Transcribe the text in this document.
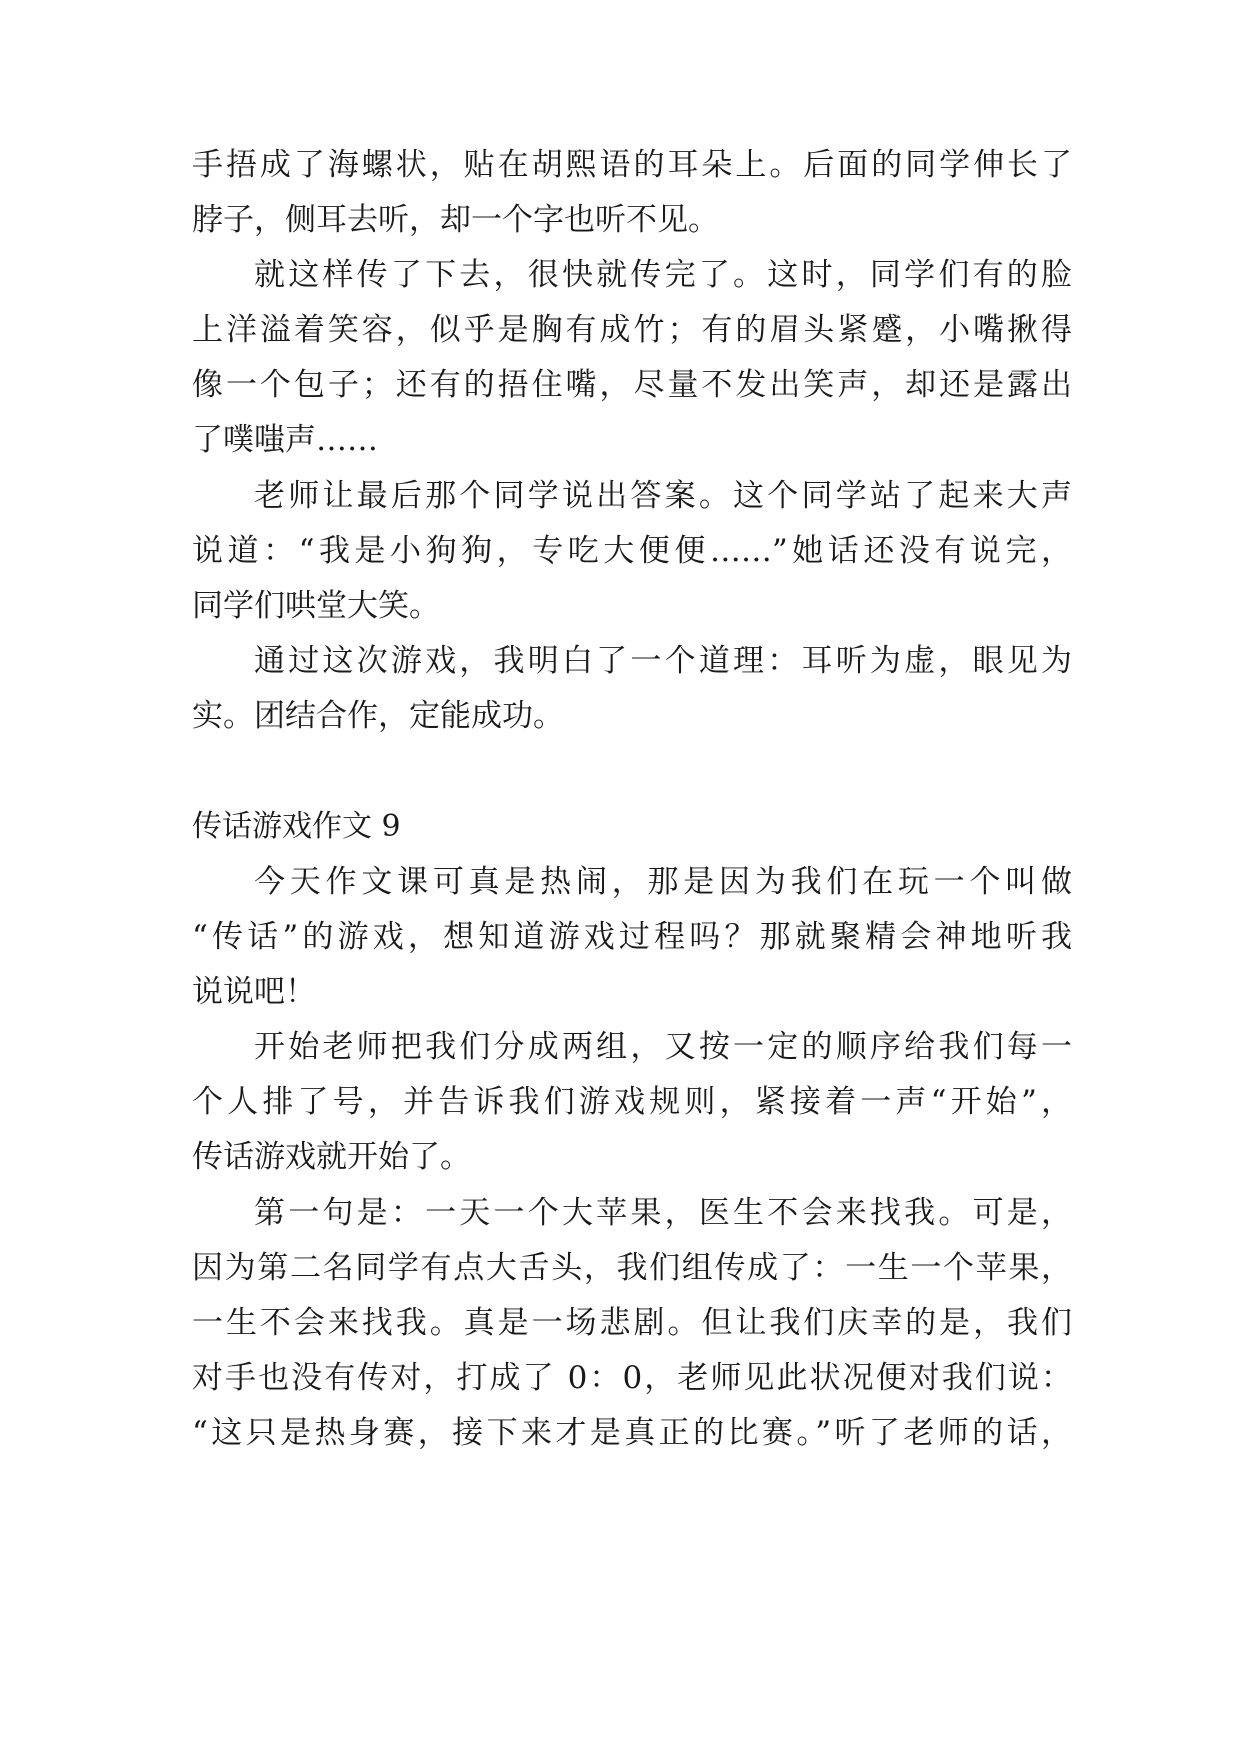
手捂成了海螺状，贴在胡熙语的耳朵上。后面的同学伸长了
脖子，侧耳去听，却一个字也听不见。
就这样传了下去，很快就传完了。这时，同学们有的脸
上洋溢着笑容，似乎是胸有成竹；有的眉头紧蹙，小嘴揪得
像一个包子；还有的捂住嘴，尽量不发出笑声，却还是露出
了噗嗤声……
老师让最后那个同学说出答案。这个同学站了起来大声
说道：“我是小狗狗，专吃大便便……”她话还没有说完，
同学们哄堂大笑。
通过这次游戏，我明白了一个道理：耳听为虚，眼见为
实。团结合作，定能成功。
传话游戏作文 9
今天作文课可真是热闹，那是因为我们在玩一个叫做
“传话”的游戏，想知道游戏过程吗？那就聚精会神地听我
说说吧！
开始老师把我们分成两组，又按一定的顺序给我们每一
个人排了号，并告诉我们游戏规则，紧接着一声“开始”，
传话游戏就开始了。
第一句是：一天一个大苹果，医生不会来找我。可是，
因为第二名同学有点大舌头，我们组传成了：一生一个苹果，
一生不会来找我。真是一场悲剧。但让我们庆幸的是，我们
对手也没有传对，打成了 0：0，老师见此状况便对我们说：
“这只是热身赛，接下来才是真正的比赛。”听了老师的话，
